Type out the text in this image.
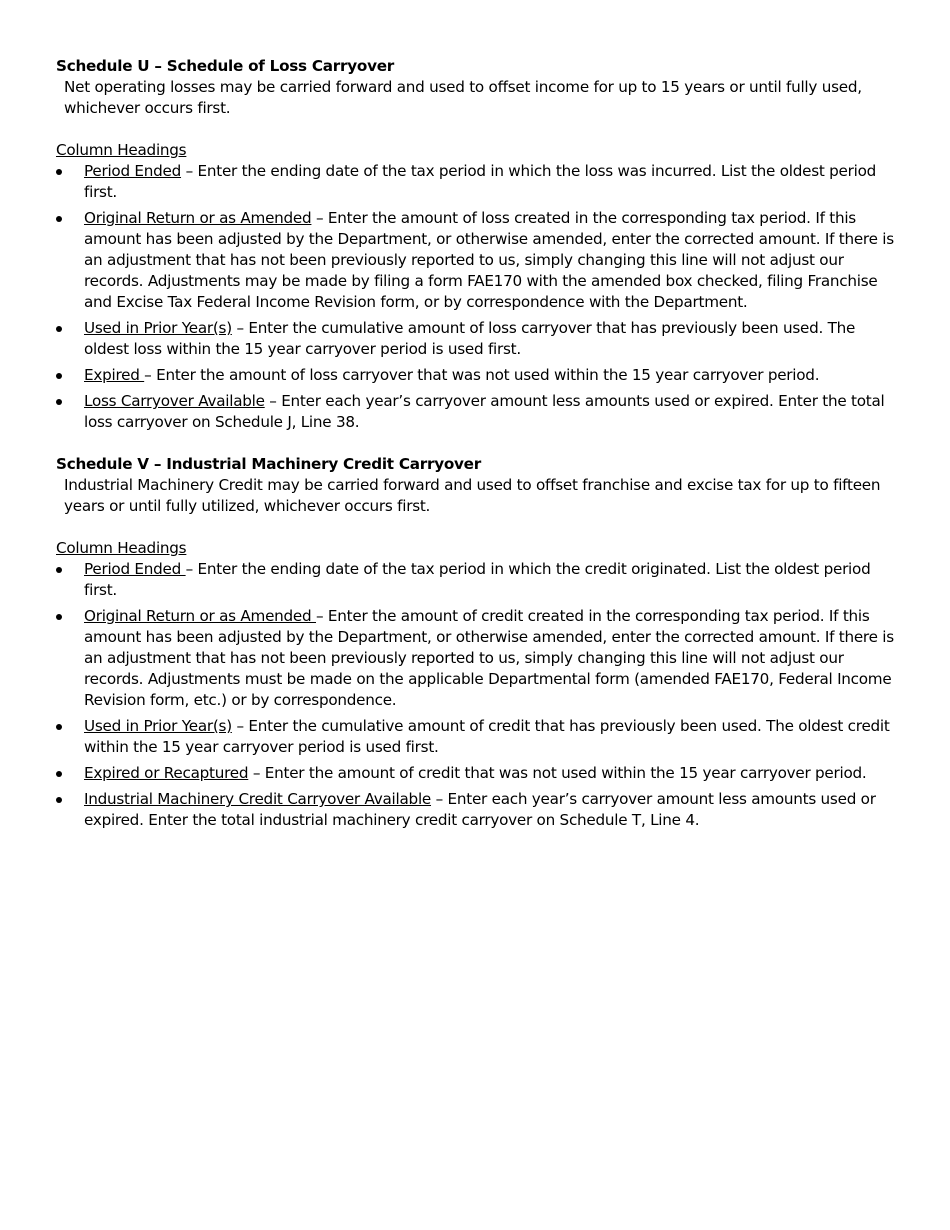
Schedule U – Schedule of Loss Carryover

Net operating losses may be carried forward and used to offset income for up to 15 years or until fully used, whichever occurs first.

Column Headings

Period Ended – Enter the ending date of the tax period in which the loss was incurred. List the oldest period first.
Original Return or as Amended – Enter the amount of loss created in the corresponding tax period. If this amount has been adjusted by the Department, or otherwise amended, enter the corrected amount. If there is an adjustment that has not been previously reported to us, simply changing this line will not adjust our records. Adjustments may be made by filing a form FAE170 with the amended box checked, filing Franchise and Excise Tax Federal Income Revision form, or by correspondence with the Department.
Used in Prior Year(s) – Enter the cumulative amount of loss carryover that has previously been used. The oldest loss within the 15 year carryover period is used first.
Expired – Enter the amount of loss carryover that was not used within the 15 year carryover period.
Loss Carryover Available – Enter each year’s carryover amount less amounts used or expired. Enter the total loss carryover on Schedule J, Line 38.

Schedule V – Industrial Machinery Credit Carryover

Industrial Machinery Credit may be carried forward and used to offset franchise and excise tax for up to fifteen years or until fully utilized, whichever occurs first.

Column Headings

Period Ended – Enter the ending date of the tax period in which the credit originated. List the oldest period first.
Original Return or as Amended – Enter the amount of credit created in the corresponding tax period. If this amount has been adjusted by the Department, or otherwise amended, enter the corrected amount. If there is an adjustment that has not been previously reported to us, simply changing this line will not adjust our records. Adjustments must be made on the applicable Departmental form (amended FAE170, Federal Income Revision form, etc.) or by correspondence.
Used in Prior Year(s) – Enter the cumulative amount of credit that has previously been used. The oldest credit within the 15 year carryover period is used first.
Expired or Recaptured – Enter the amount of credit that was not used within the 15 year carryover period.
Industrial Machinery Credit Carryover Available – Enter each year’s carryover amount less amounts used or expired. Enter the total industrial machinery credit carryover on Schedule T, Line 4.
